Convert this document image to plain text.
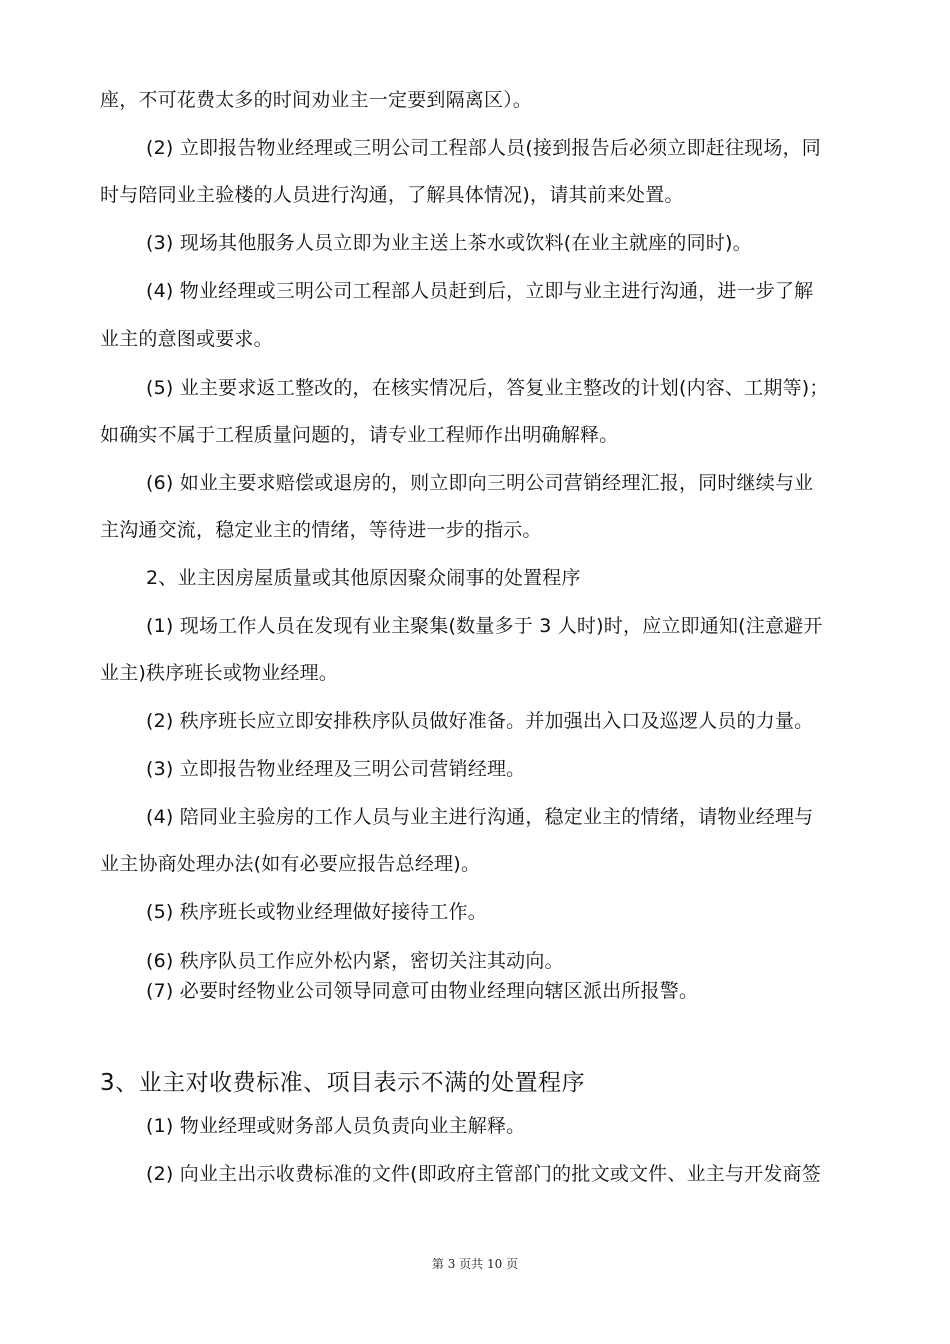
座，不可花费太多的时间劝业主一定要到隔离区）。

(2) 立即报告物业经理或三明公司工程部人员(接到报告后必须立即赶往现场，同

时与陪同业主验楼的人员进行沟通，了解具体情况)，请其前来处置。

(3) 现场其他服务人员立即为业主送上茶水或饮料(在业主就座的同时)。

(4) 物业经理或三明公司工程部人员赶到后，立即与业主进行沟通，进一步了解

业主的意图或要求。

(5) 业主要求返工整改的，在核实情况后，答复业主整改的计划(内容、工期等)；

如确实不属于工程质量问题的，请专业工程师作出明确解释。

(6) 如业主要求赔偿或退房的，则立即向三明公司营销经理汇报，同时继续与业

主沟通交流，稳定业主的情绪，等待进一步的指示。

2、业主因房屋质量或其他原因聚众闹事的处置程序

(1) 现场工作人员在发现有业主聚集(数量多于 3 人时)时，应立即通知(注意避开

业主)秩序班长或物业经理。

(2) 秩序班长应立即安排秩序队员做好准备。并加强出入口及巡逻人员的力量。

(3) 立即报告物业经理及三明公司营销经理。

(4) 陪同业主验房的工作人员与业主进行沟通，稳定业主的情绪，请物业经理与

业主协商处理办法(如有必要应报告总经理)。

(5) 秩序班长或物业经理做好接待工作。

(6) 秩序队员工作应外松内紧，密切关注其动向。

(7) 必要时经物业公司领导同意可由物业经理向辖区派出所报警。

3、业主对收费标准、项目表示不满的处置程序

(1) 物业经理或财务部人员负责向业主解释。

(2) 向业主出示收费标准的文件(即政府主管部门的批文或文件、业主与开发商签

第 3 页共 10 页
